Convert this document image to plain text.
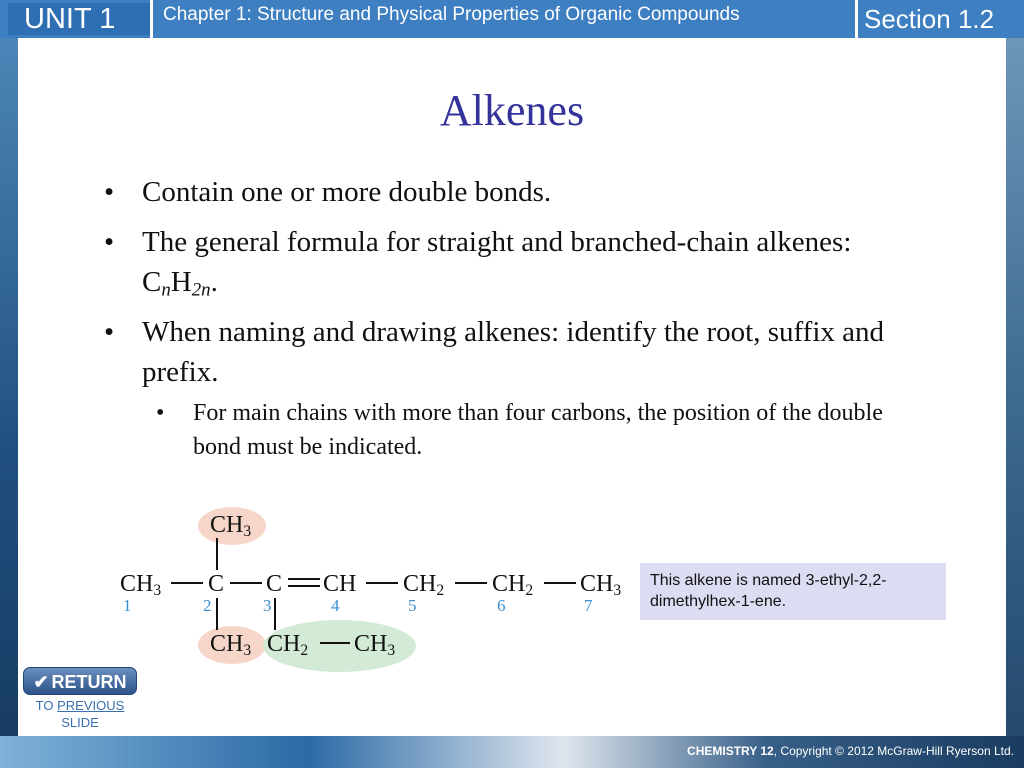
UNIT 1	Chapter 1: Structure and Physical Properties of Organic Compounds	Section 1.2
Alkenes
• Contain one or more double bonds.
• The general formula for straight and branched-chain alkenes: $C_nH_{2n}$.
• When naming and drawing alkenes: identify the root, suffix and prefix.
• For main chains with more than four carbons, the position of the double bond must be indicated.
$CH_3$
$CH_3$ C C CH $CH_2$ $CH_2$ $CH_3$
1	2	3	4	5	6	7
$CH_3$ $CH_2$ $CH_3$
This alkene is named 3-ethyl-2,2-dimethylhex-1-ene.
✔ RETURN
TO PREVIOUS
SLIDE
CHEMISTRY 12, Copyright © 2012 McGraw-Hill Ryerson Ltd.
